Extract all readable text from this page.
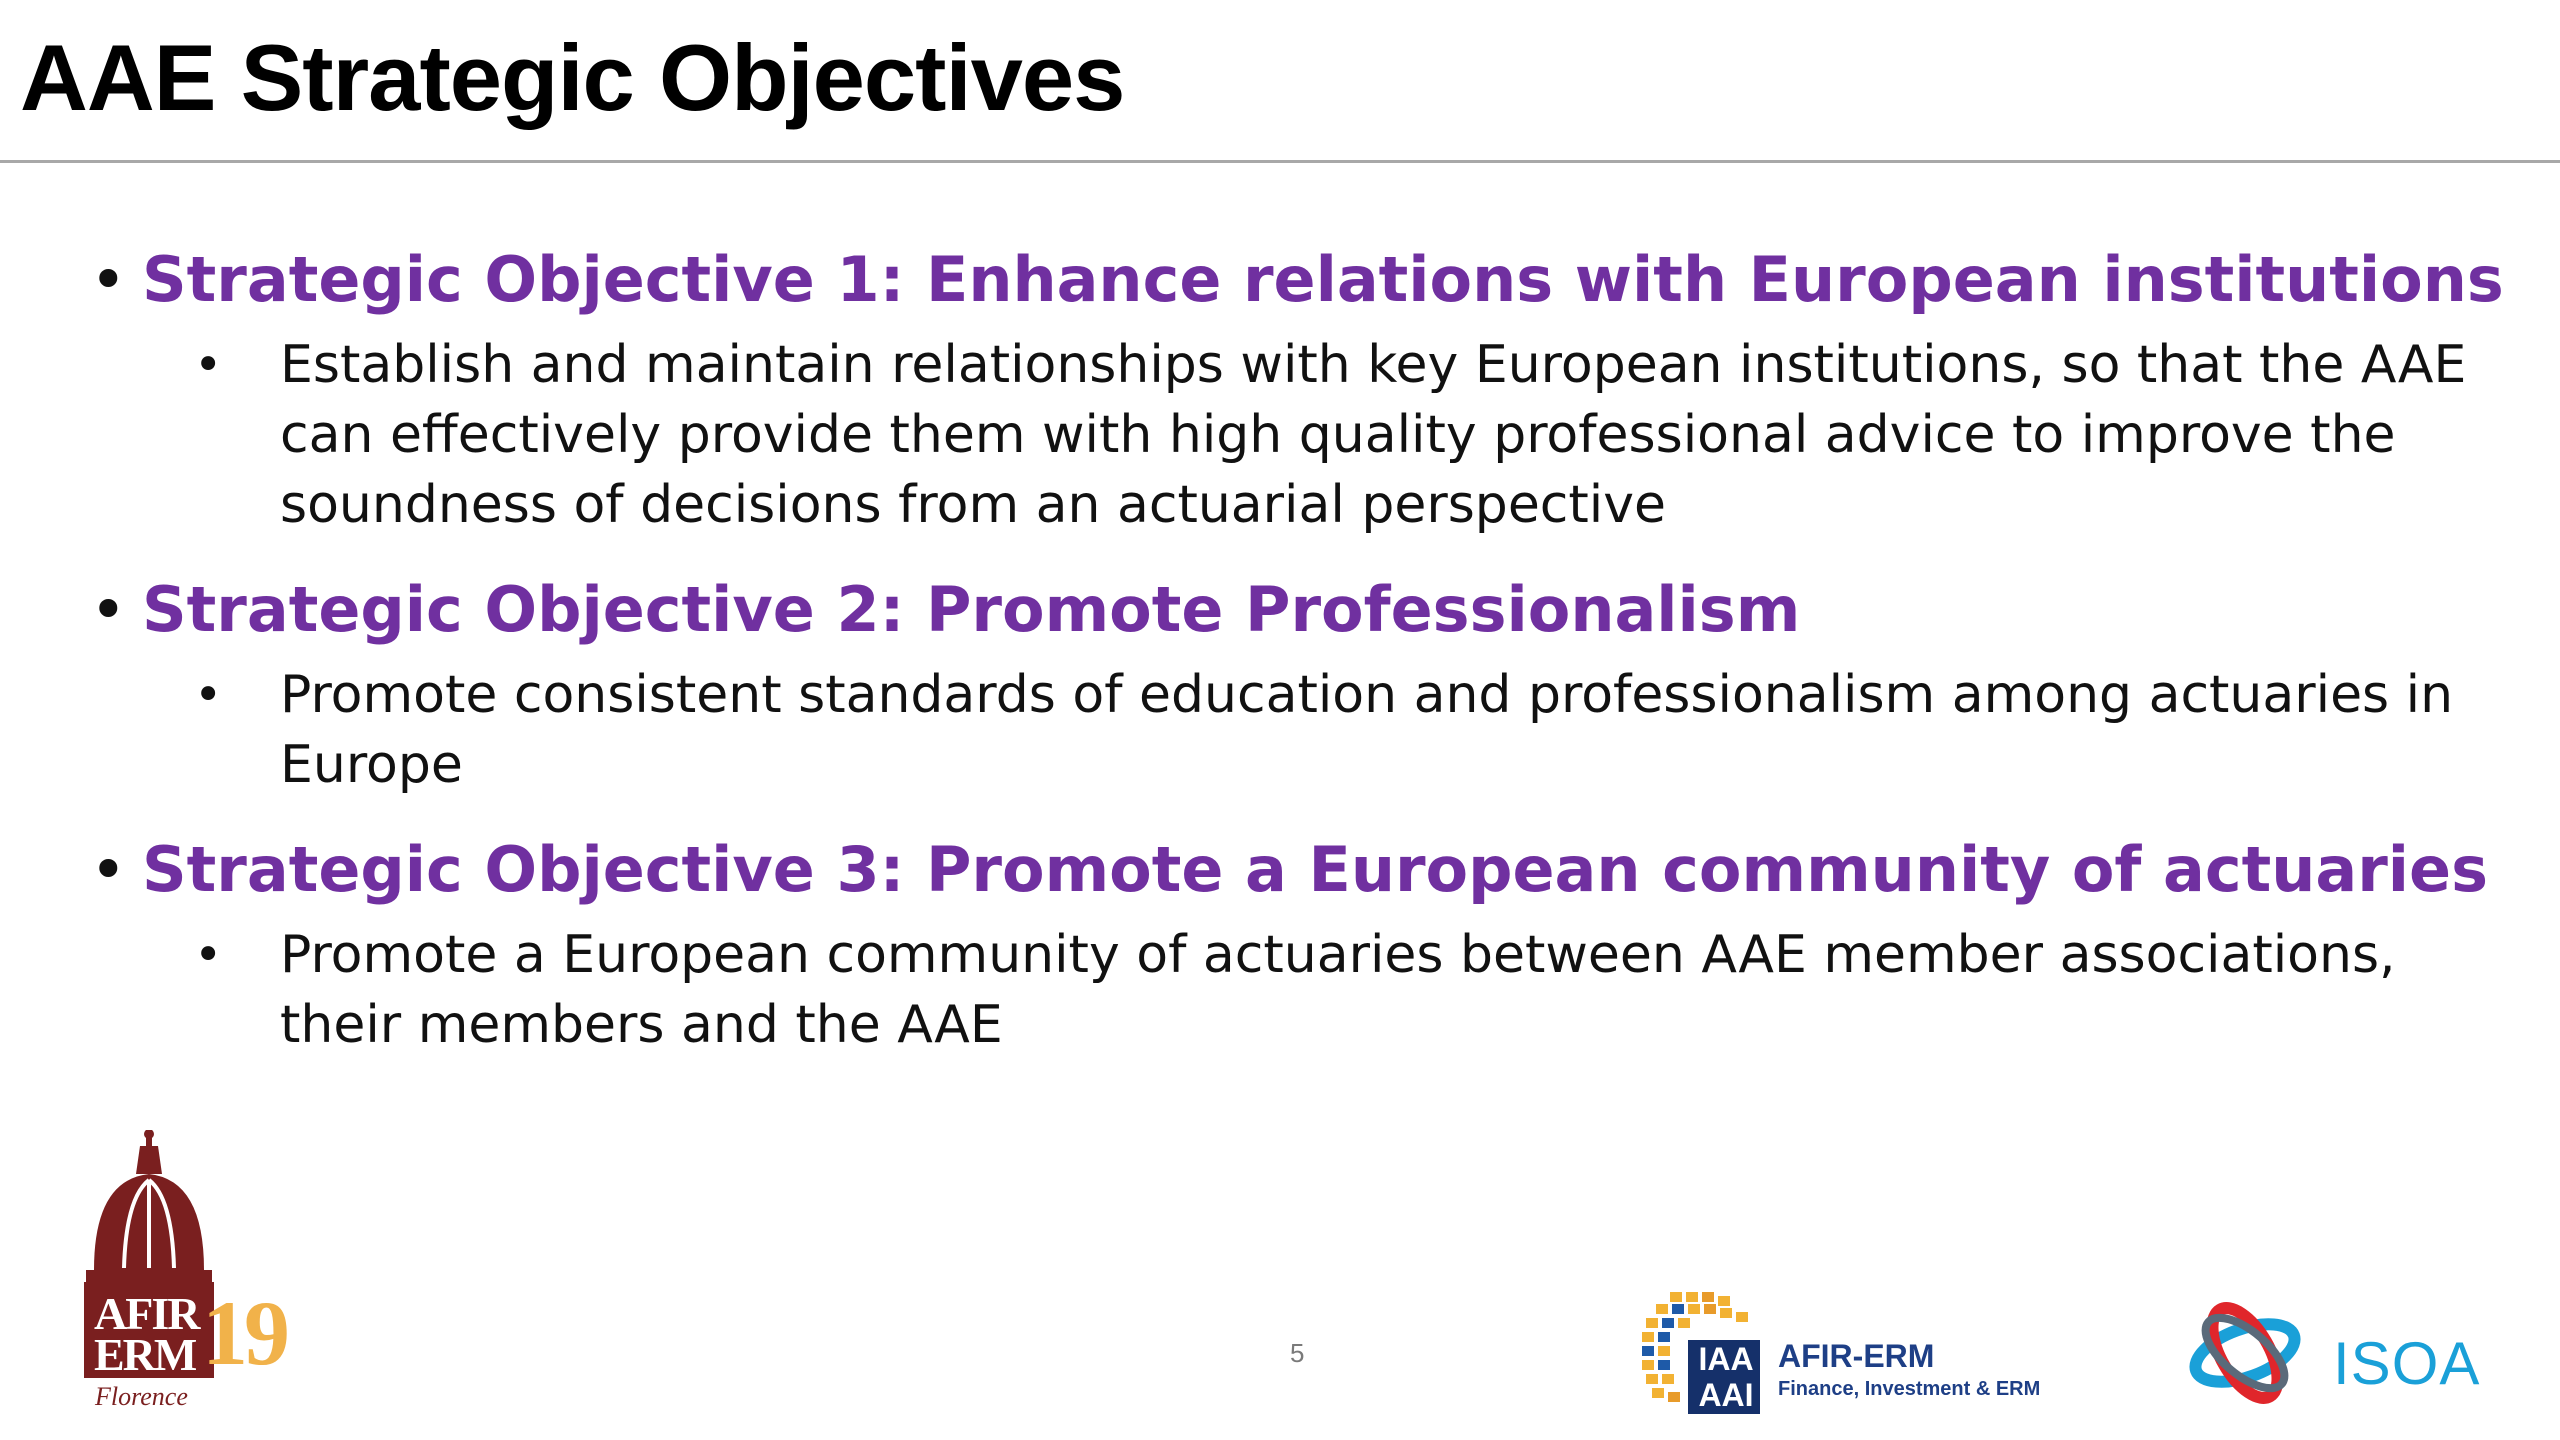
AAE Strategic Objectives
• Strategic Objective 1: Enhance relations with European institutions
• Establish and maintain relationships with key European institutions, so that the AAE can effectively provide them with high quality professional advice to improve the soundness of decisions from an actuarial perspective
• Strategic Objective 2: Promote Professionalism
• Promote consistent standards of education and professionalism among actuaries in Europe
• Strategic Objective 3: Promote a European community of actuaries
• Promote a European community of actuaries between AAE member associations, their members and the AAE
AFIR
ERM 19
Florence
5	IAA
AAI
AFIR-ERM
Finance, Investment & ERM	ISOA
